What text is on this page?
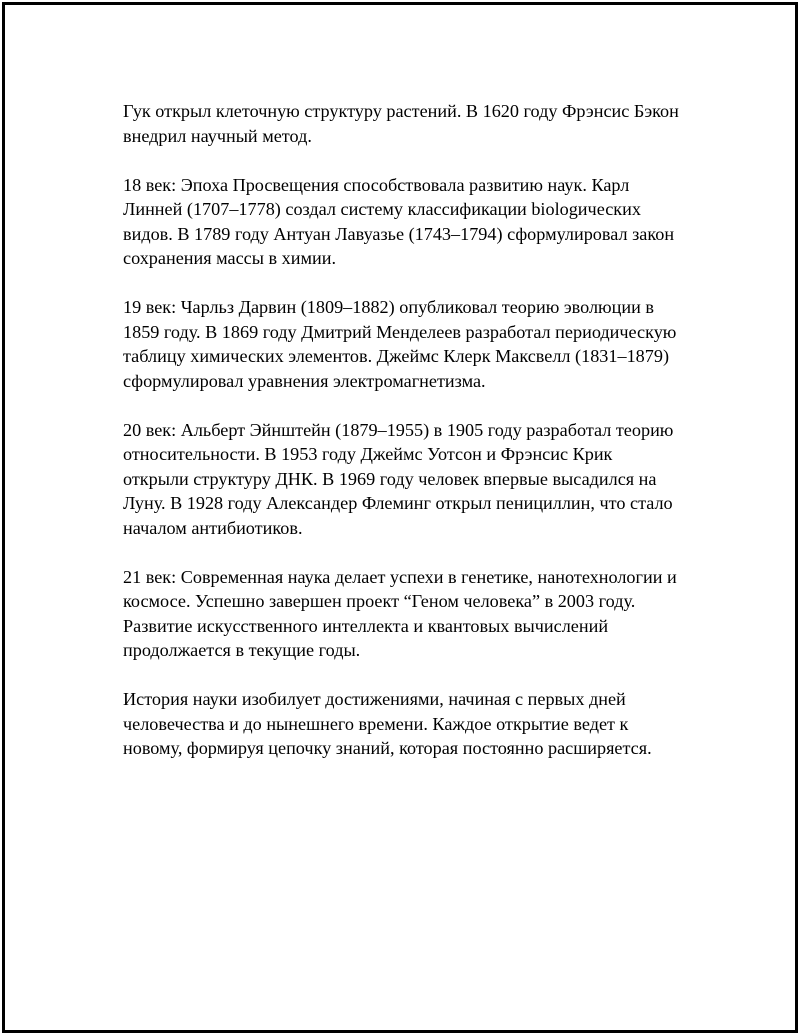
Гук открыл клеточную структуру растений. В 1620 году Фрэнсис Бэкон
внедрил научный метод.

18 век: Эпоха Просвещения способствовала развитию наук. Карл
Линней (1707–1778) создал систему классификации biologических
видов. В 1789 году Антуан Лавуазье (1743–1794) сформулировал закон
сохранения массы в химии.

19 век: Чарльз Дарвин (1809–1882) опубликовал теорию эволюции в
1859 году. В 1869 году Дмитрий Менделеев разработал периодическую
таблицу химических элементов. Джеймс Клерк Максвелл (1831–1879)
сформулировал уравнения электромагнетизма.

20 век: Альберт Эйнштейн (1879–1955) в 1905 году разработал теорию
относительности. В 1953 году Джеймс Уотсон и Фрэнсис Крик
открыли структуру ДНК. В 1969 году человек впервые высадился на
Луну. В 1928 году Александер Флеминг открыл пенициллин, что стало
началом антибиотиков.

21 век: Современная наука делает успехи в генетике, нанотехнологии и
космосе. Успешно завершен проект “Геном человека” в 2003 году.
Развитие искусственного интеллекта и квантовых вычислений
продолжается в текущие годы.

История науки изобилует достижениями, начиная с первых дней
человечества и до нынешнего времени. Каждое открытие ведет к
новому, формируя цепочку знаний, которая постоянно расширяется.
